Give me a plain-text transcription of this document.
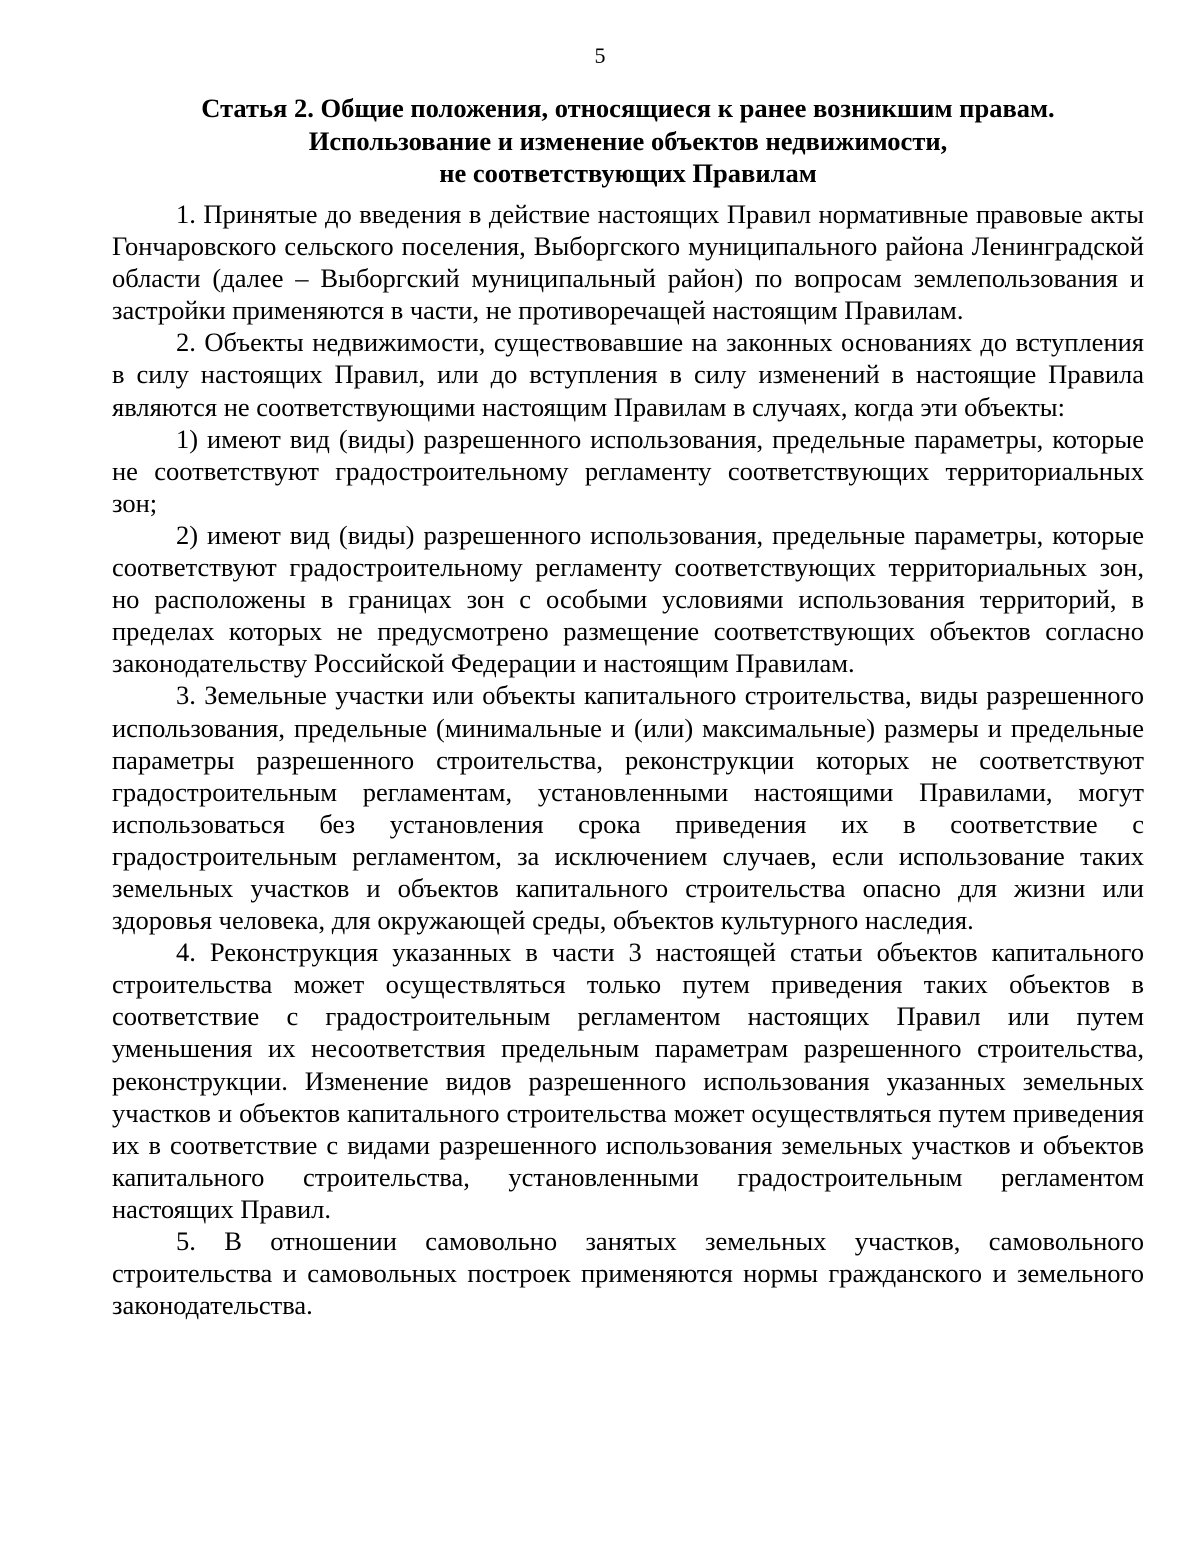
5
Статья 2. Общие положения, относящиеся к ранее возникшим правам.
Использование и изменение объектов недвижимости,
не соответствующих Правилам

1. Принятые до введения в действие настоящих Правил нормативные правовые акты Гончаровского сельского поселения, Выборгского муниципального района Ленинградской области (далее – Выборгский муниципальный район) по вопросам землепользования и застройки применяются в части, не противоречащей настоящим Правилам.

2. Объекты недвижимости, существовавшие на законных основаниях до вступления в силу настоящих Правил, или до вступления в силу изменений в настоящие Правила являются не соответствующими настоящим Правилам в случаях, когда эти объекты:

1) имеют вид (виды) разрешенного использования, предельные параметры, которые не соответствуют градостроительному регламенту соответствующих территориальных зон;

2) имеют вид (виды) разрешенного использования, предельные параметры, которые соответствуют градостроительному регламенту соответствующих территориальных зон, но расположены в границах зон с особыми условиями использования территорий, в пределах которых не предусмотрено размещение соответствующих объектов согласно законодательству Российской Федерации и настоящим Правилам.

3. Земельные участки или объекты капитального строительства, виды разрешенного использования, предельные (минимальные и (или) максимальные) размеры и предельные параметры разрешенного строительства, реконструкции которых не соответствуют градостроительным регламентам, установленными настоящими Правилами, могут использоваться без установления срока приведения их в соответствие с градостроительным регламентом, за исключением случаев, если использование таких земельных участков и объектов капитального строительства опасно для жизни или здоровья человека, для окружающей среды, объектов культурного наследия.

4. Реконструкция указанных в части 3 настоящей статьи объектов капитального строительства может осуществляться только путем приведения таких объектов в соответствие с градостроительным регламентом настоящих Правил или путем уменьшения их несоответствия предельным параметрам разрешенного строительства, реконструкции. Изменение видов разрешенного использования указанных земельных участков и объектов капитального строительства может осуществляться путем приведения их в соответствие с видами разрешенного использования земельных участков и объектов капитального строительства, установленными градостроительным регламентом настоящих Правил.

5. В отношении самовольно занятых земельных участков, самовольного строительства и самовольных построек применяются нормы гражданского и земельного законодательства.
